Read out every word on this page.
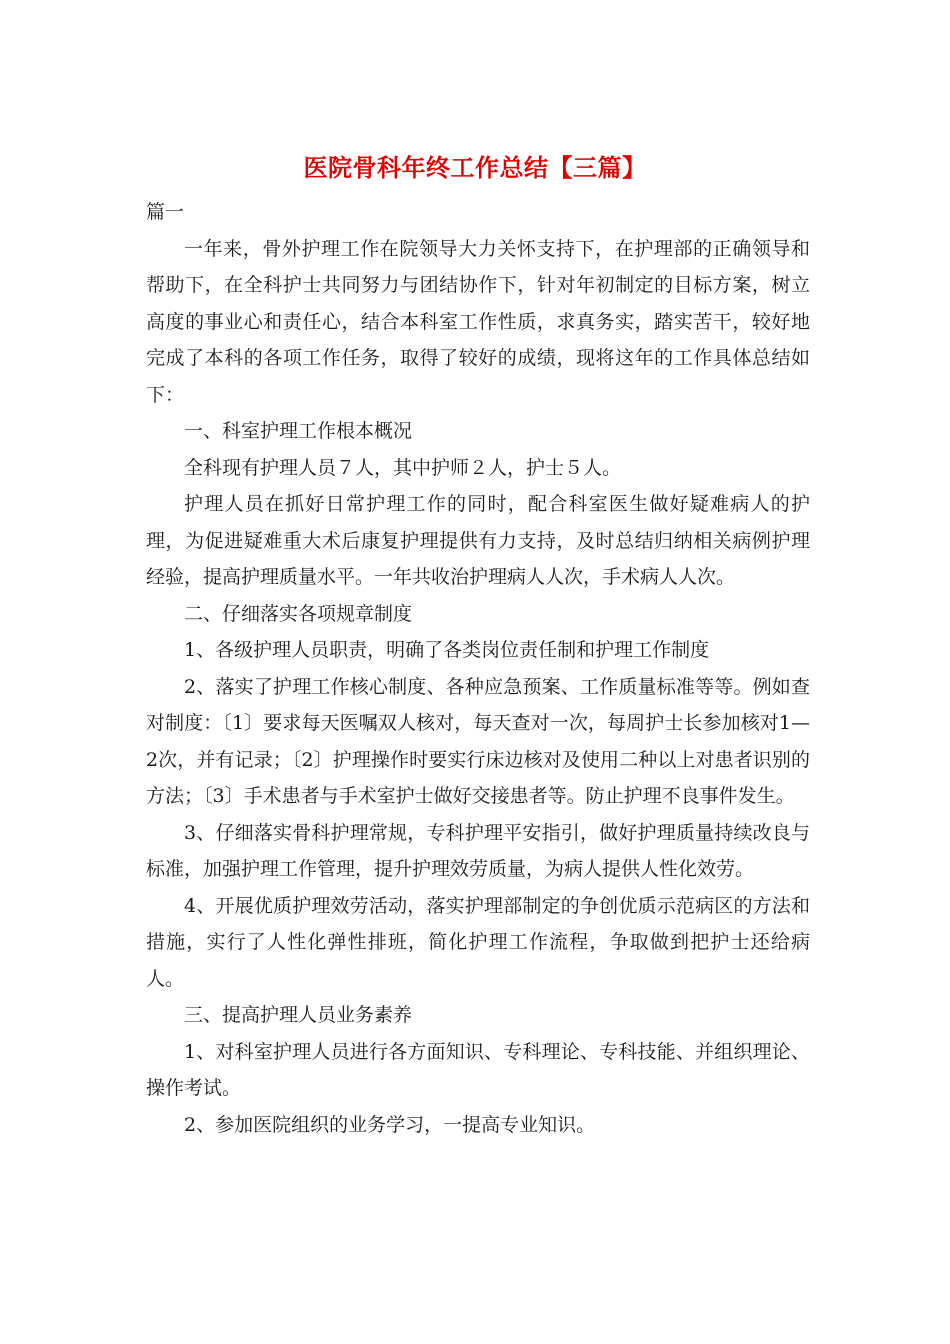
医院骨科年终工作总结【三篇】

篇一

一年来，骨外护理工作在院领导大力关怀支持下，在护理部的正确领导和帮助下，在全科护士共同努力与团结协作下，针对年初制定的目标方案，树立高度的事业心和责任心，结合本科室工作性质，求真务实，踏实苦干，较好地完成了本科的各项工作任务，取得了较好的成绩，现将这年的工作具体总结如下：

一、科室护理工作根本概况

全科现有护理人员７人，其中护师２人，护士５人。

护理人员在抓好日常护理工作的同时，配合科室医生做好疑难病人的护理，为促进疑难重大术后康复护理提供有力支持，及时总结归纳相关病例护理经验，提高护理质量水平。一年共收治护理病人人次，手术病人人次。

二、仔细落实各项规章制度

1、各级护理人员职责，明确了各类岗位责任制和护理工作制度

2、落实了护理工作核心制度、各种应急预案、工作质量标准等等。例如查对制度：〔1〕要求每天医嘱双人核对，每天查对一次，每周护士长参加核对1—2次，并有记录；〔2〕护理操作时要实行床边核对及使用二种以上对患者识别的方法；〔3〕手术患者与手术室护士做好交接患者等。防止护理不良事件发生。

3、仔细落实骨科护理常规，专科护理平安指引，做好护理质量持续改良与标准，加强护理工作管理，提升护理效劳质量，为病人提供人性化效劳。

4、开展优质护理效劳活动，落实护理部制定的争创优质示范病区的方法和措施，实行了人性化弹性排班，简化护理工作流程，争取做到把护士还给病人。

三、提高护理人员业务素养

1、对科室护理人员进行各方面知识、专科理论、专科技能、并组织理论、操作考试。

2、参加医院组织的业务学习，一提高专业知识。
